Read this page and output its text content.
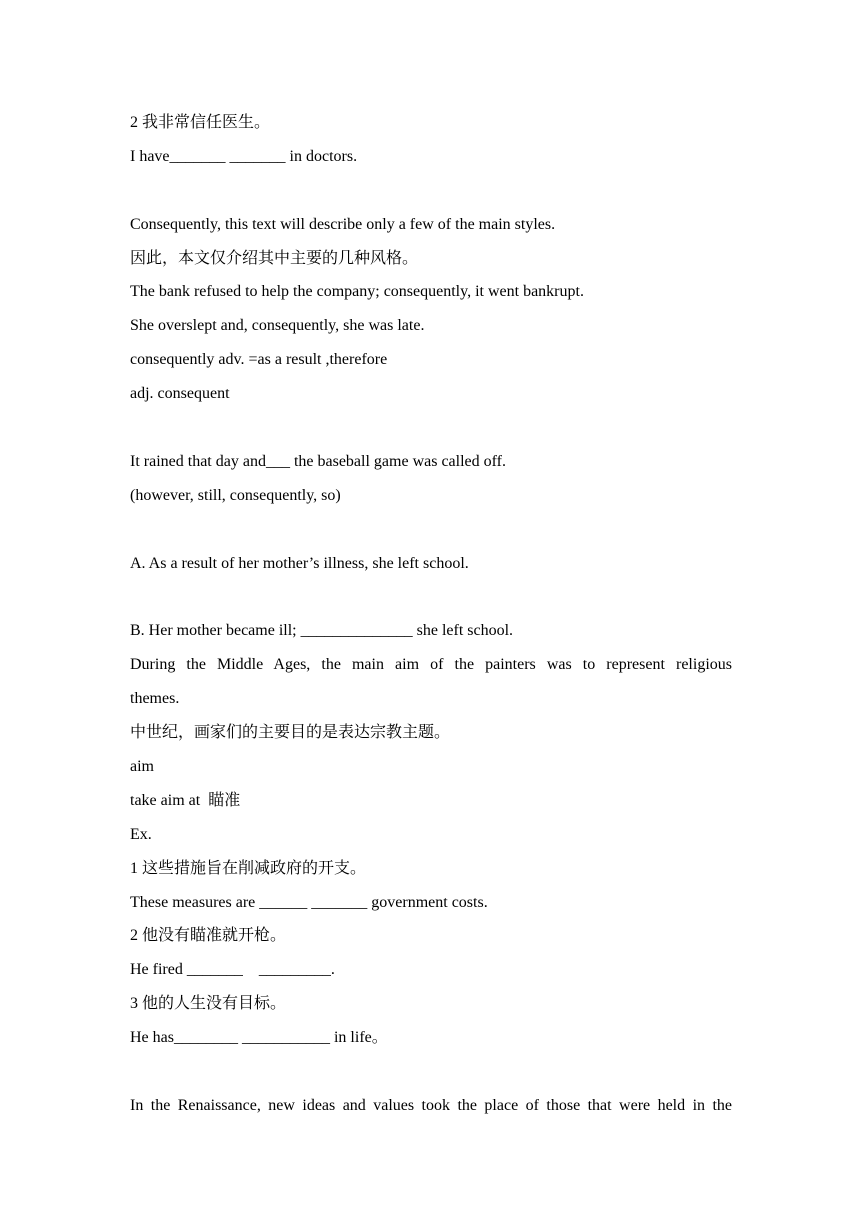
2 我非常信任医生。

I have_______ _______ in doctors.

Consequently, this text will describe only a few of the main styles.

因此，本文仅介绍其中主要的几种风格。

The bank refused to help the company; consequently, it went bankrupt.

She overslept and, consequently, she was late.

consequently adv. =as a result ,therefore

adj. consequent

It rained that day and___ the baseball game was called off.

(however, still, consequently, so)

A. As a result of her mother’s illness, she left school.

B. Her mother became ill; ______________ she left school.

During the Middle Ages, the main aim of the painters was to represent religious

themes.

中世纪，画家们的主要目的是表达宗教主题。

aim

take aim at  瞄准

Ex.

1 这些措施旨在削减政府的开支。

These measures are ______ _______ government costs.

2 他没有瞄准就开枪。

He fired _______    _________.

3 他的人生没有目标。

He has________ ___________ in life。

In the Renaissance, new ideas and values took the place of those that were held in the
